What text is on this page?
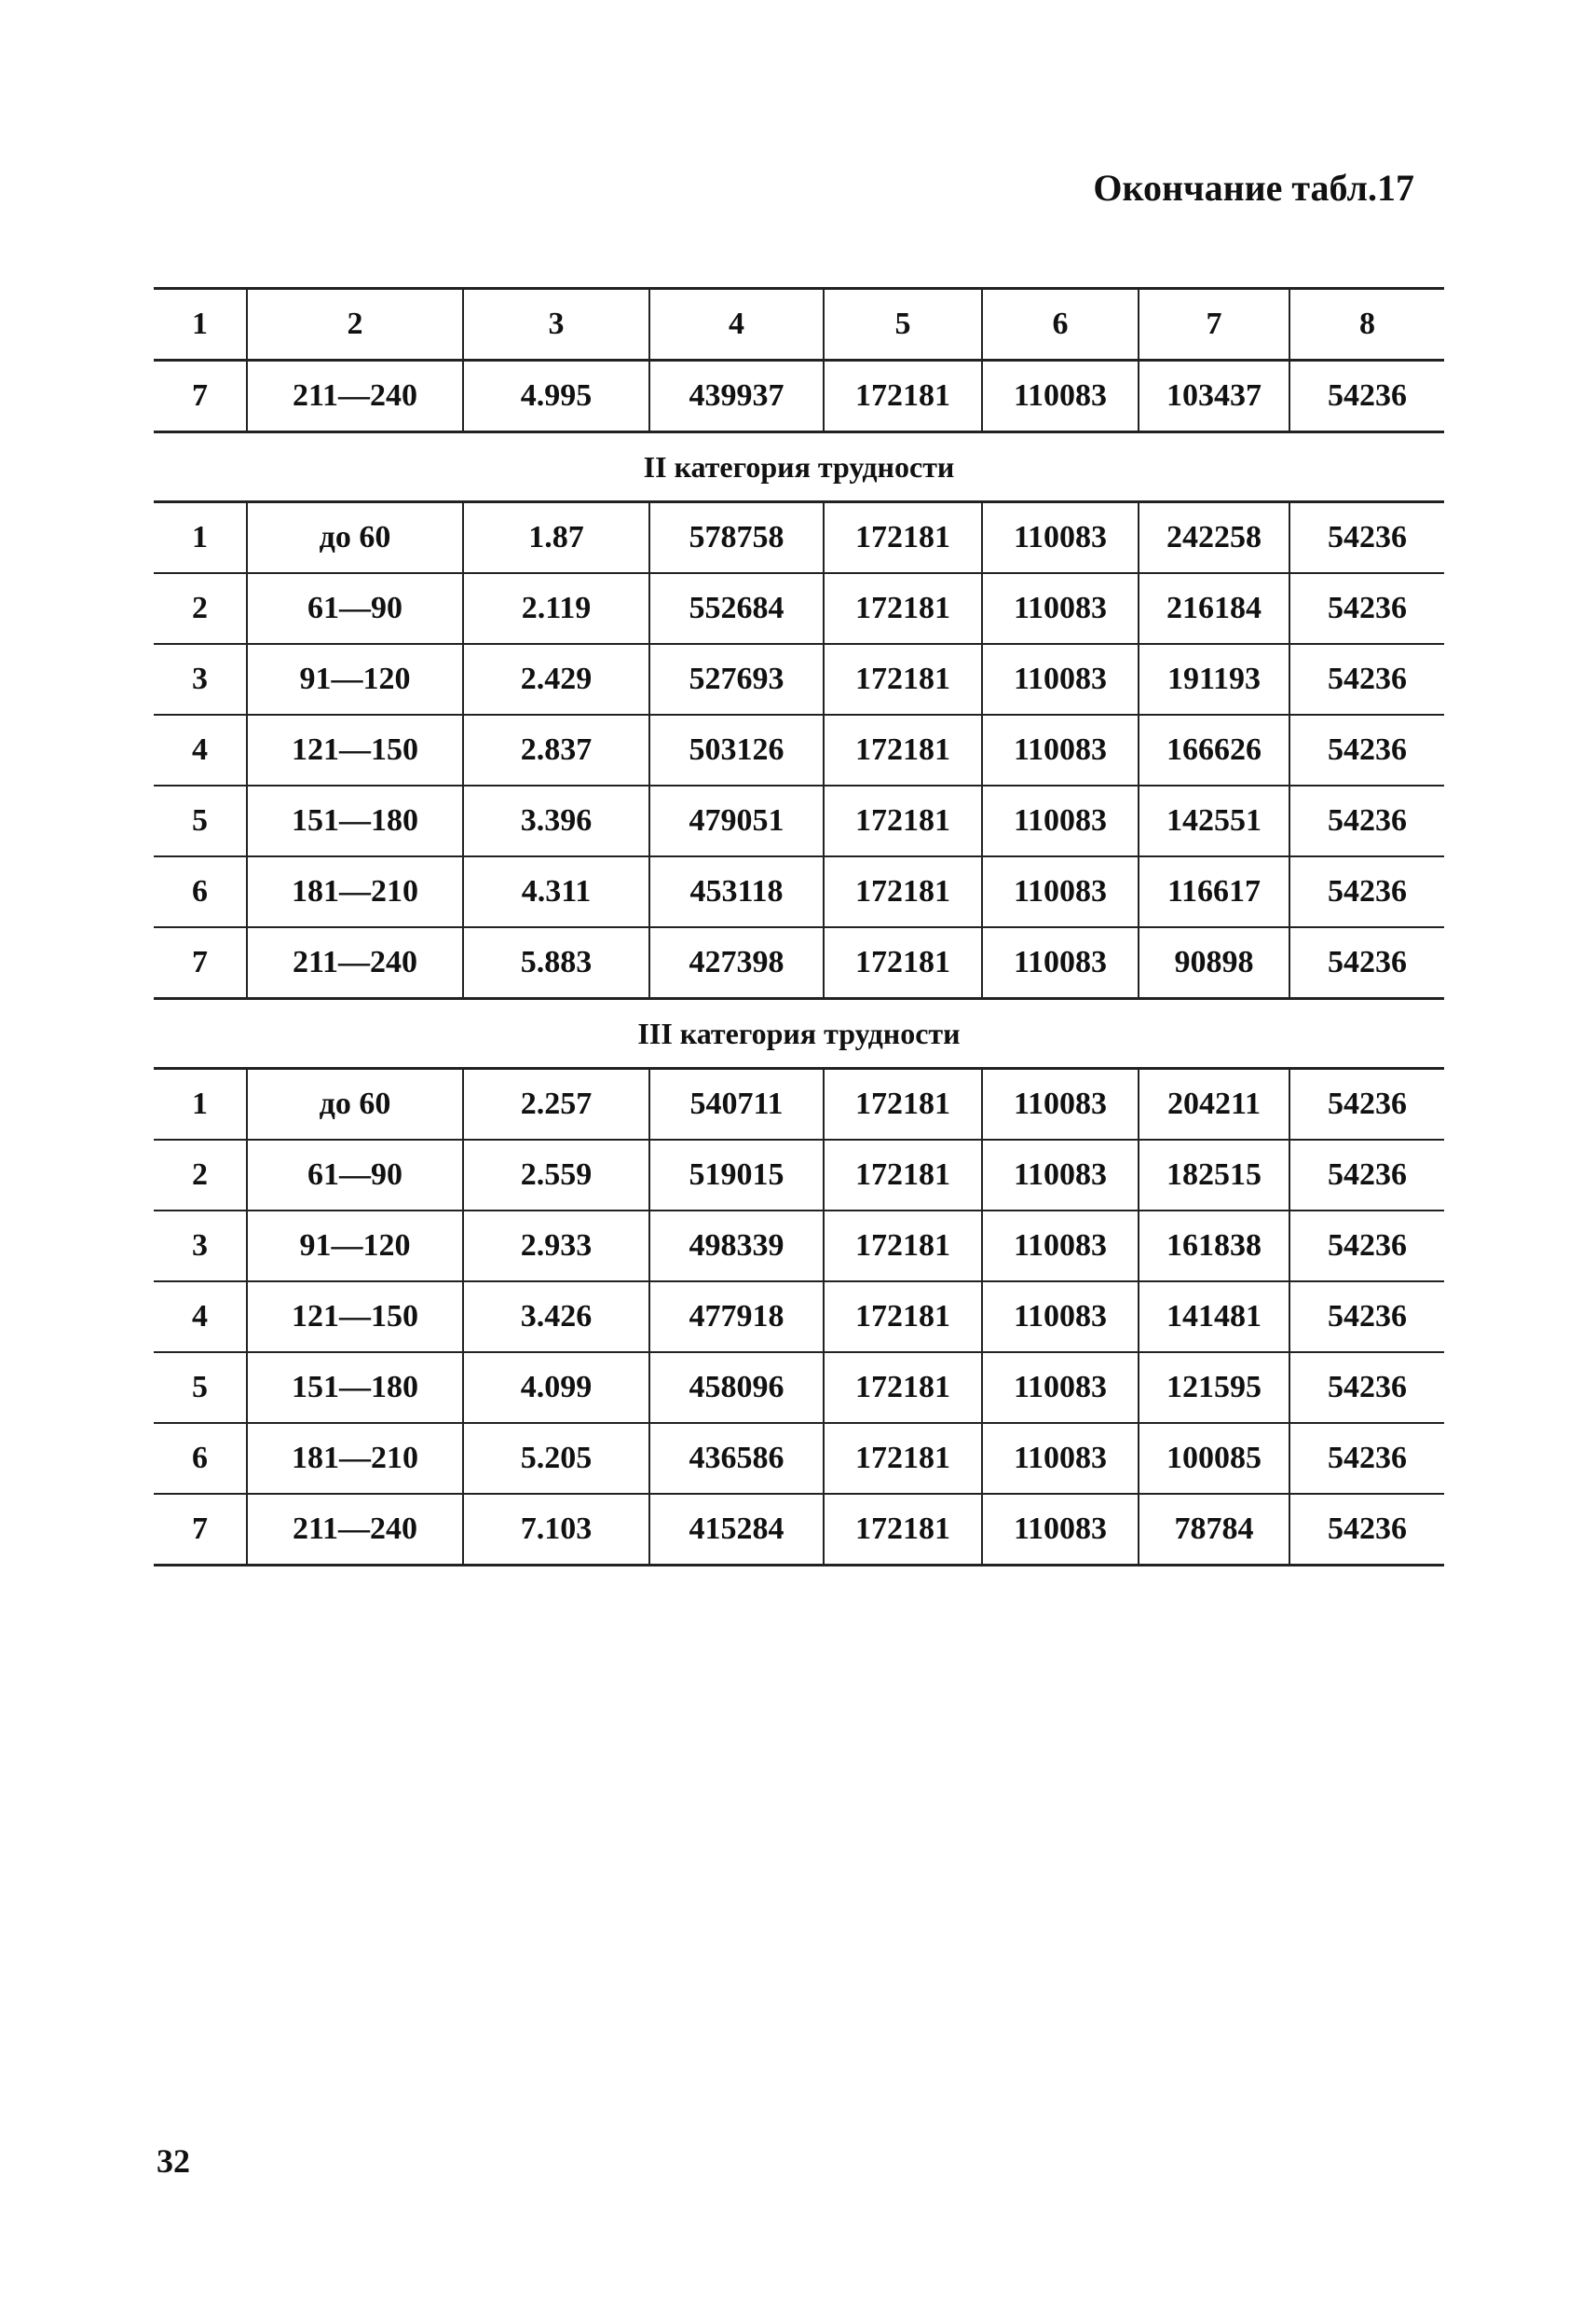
Окончание табл.17
1	2	3	4	5	6	7	8
7	211—240	4.995	439937	172181	110083	103437	54236
II категория трудности							
1	до 60	1.87	578758	172181	110083	242258	54236
2	61—90	2.119	552684	172181	110083	216184	54236
3	91—120	2.429	527693	172181	110083	191193	54236
4	121—150	2.837	503126	172181	110083	166626	54236
5	151—180	3.396	479051	172181	110083	142551	54236
6	181—210	4.311	453118	172181	110083	116617	54236
7	211—240	5.883	427398	172181	110083	90898	54236
III категория трудности							
1	до 60	2.257	540711	172181	110083	204211	54236
2	61—90	2.559	519015	172181	110083	182515	54236
3	91—120	2.933	498339	172181	110083	161838	54236
4	121—150	3.426	477918	172181	110083	141481	54236
5	151—180	4.099	458096	172181	110083	121595	54236
6	181—210	5.205	436586	172181	110083	100085	54236
7	211—240	7.103	415284	172181	110083	78784	54236
32
